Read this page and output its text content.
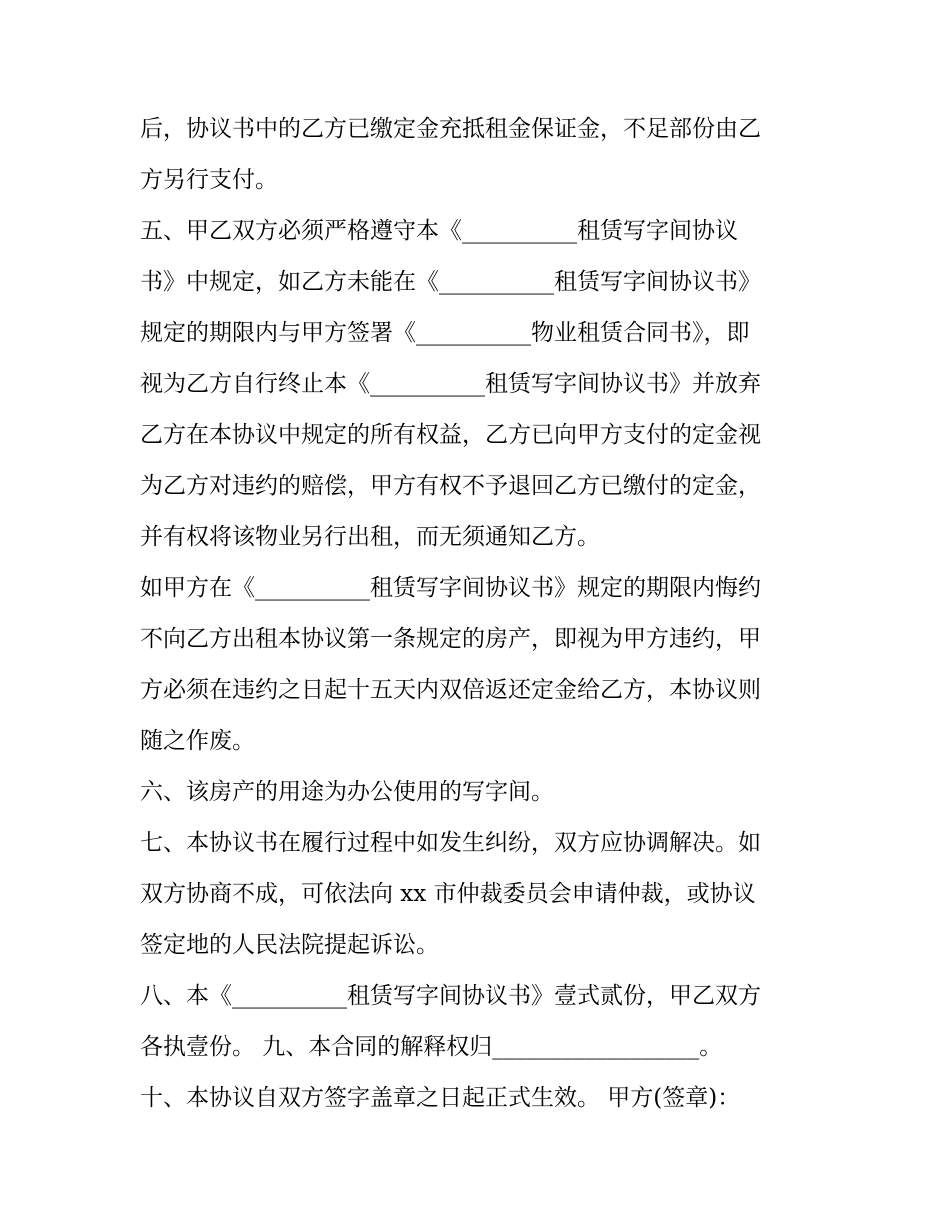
后，协议书中的乙方已缴定金充抵租金保证金，不足部份由乙
方另行支付。
五、甲乙双方必须严格遵守本《__________租赁写字间协议
书》中规定，如乙方未能在《__________租赁写字间协议书》
规定的期限内与甲方签署《__________物业租赁合同书》，即
视为乙方自行终止本《__________租赁写字间协议书》并放弃
乙方在本协议中规定的所有权益，乙方已向甲方支付的定金视
为乙方对违约的赔偿，甲方有权不予退回乙方已缴付的定金，
并有权将该物业另行出租，而无须通知乙方。
如甲方在《__________租赁写字间协议书》规定的期限内悔约
不向乙方出租本协议第一条规定的房产，即视为甲方违约，甲
方必须在违约之日起十五天内双倍返还定金给乙方，本协议则
随之作废。
六、该房产的用途为办公使用的写字间。
七、本协议书在履行过程中如发生纠纷，双方应协调解决。如
双方协商不成，可依法向 xx 市仲裁委员会申请仲裁，或协议
签定地的人民法院提起诉讼。
八、本《__________租赁写字间协议书》壹式贰份，甲乙双方
各执壹份。 九、本合同的解释权归__________________。
十、本协议自双方签字盖章之日起正式生效。 甲方(签章)：
